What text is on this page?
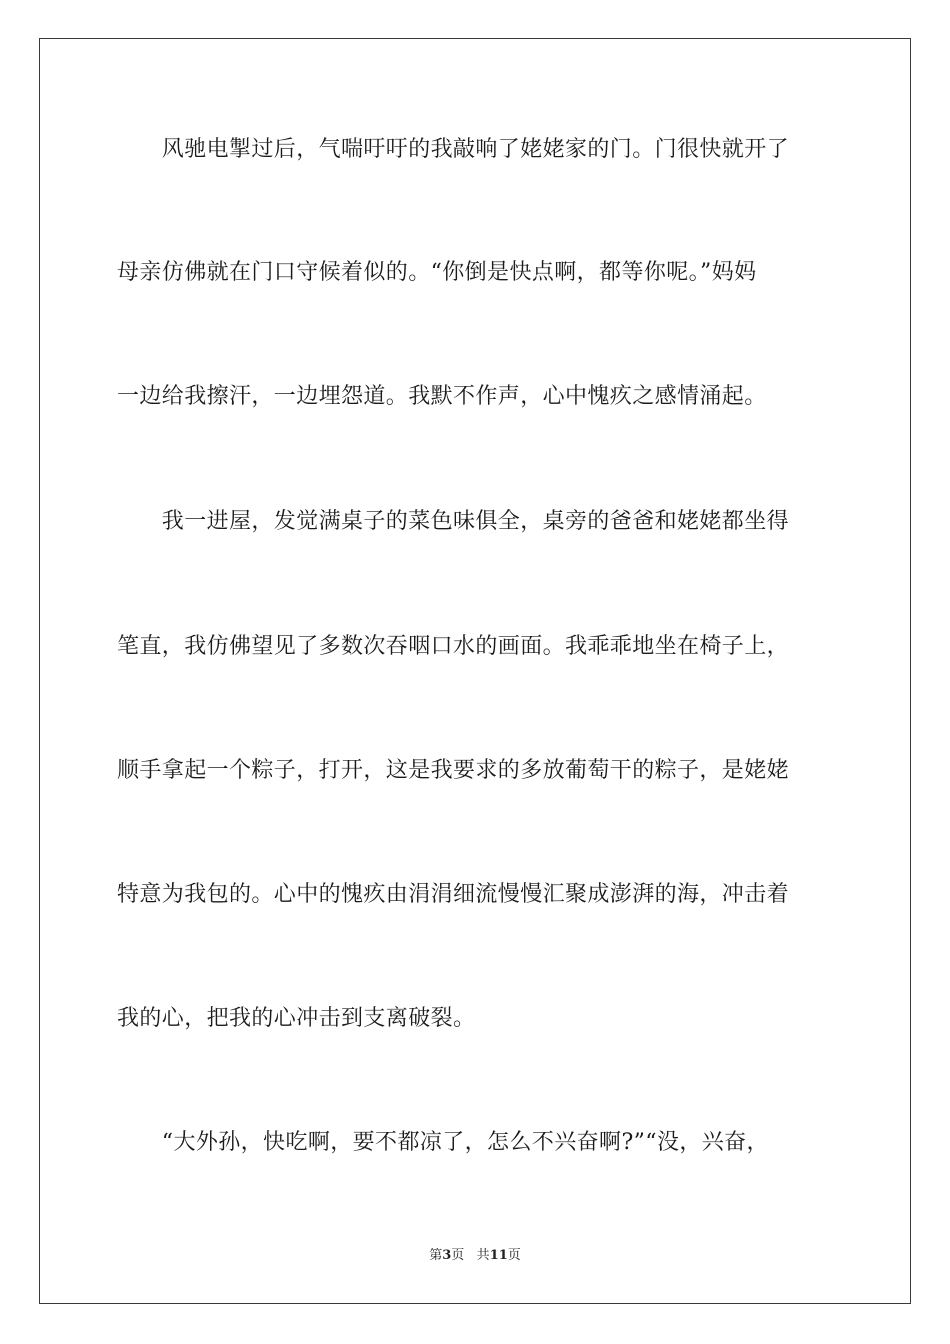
　　风驰电掣过后，气喘吁吁的我敲响了姥姥家的门。门很快就开了
母亲仿佛就在门口守候着似的。“你倒是快点啊，都等你呢。”妈妈
一边给我擦汗，一边埋怨道。我默不作声，心中愧疚之感情涌起。
　　我一进屋，发觉满桌子的菜色味俱全，桌旁的爸爸和姥姥都坐得
笔直，我仿佛望见了多数次吞咽口水的画面。我乖乖地坐在椅子上，
顺手拿起一个粽子，打开，这是我要求的多放葡萄干的粽子，是姥姥
特意为我包的。心中的愧疚由涓涓细流慢慢汇聚成澎湃的海，冲击着
我的心，把我的心冲击到支离破裂。
　　“大外孙，快吃啊，要不都凉了，怎么不兴奋啊?”“没，兴奋，
第3页 共11页
